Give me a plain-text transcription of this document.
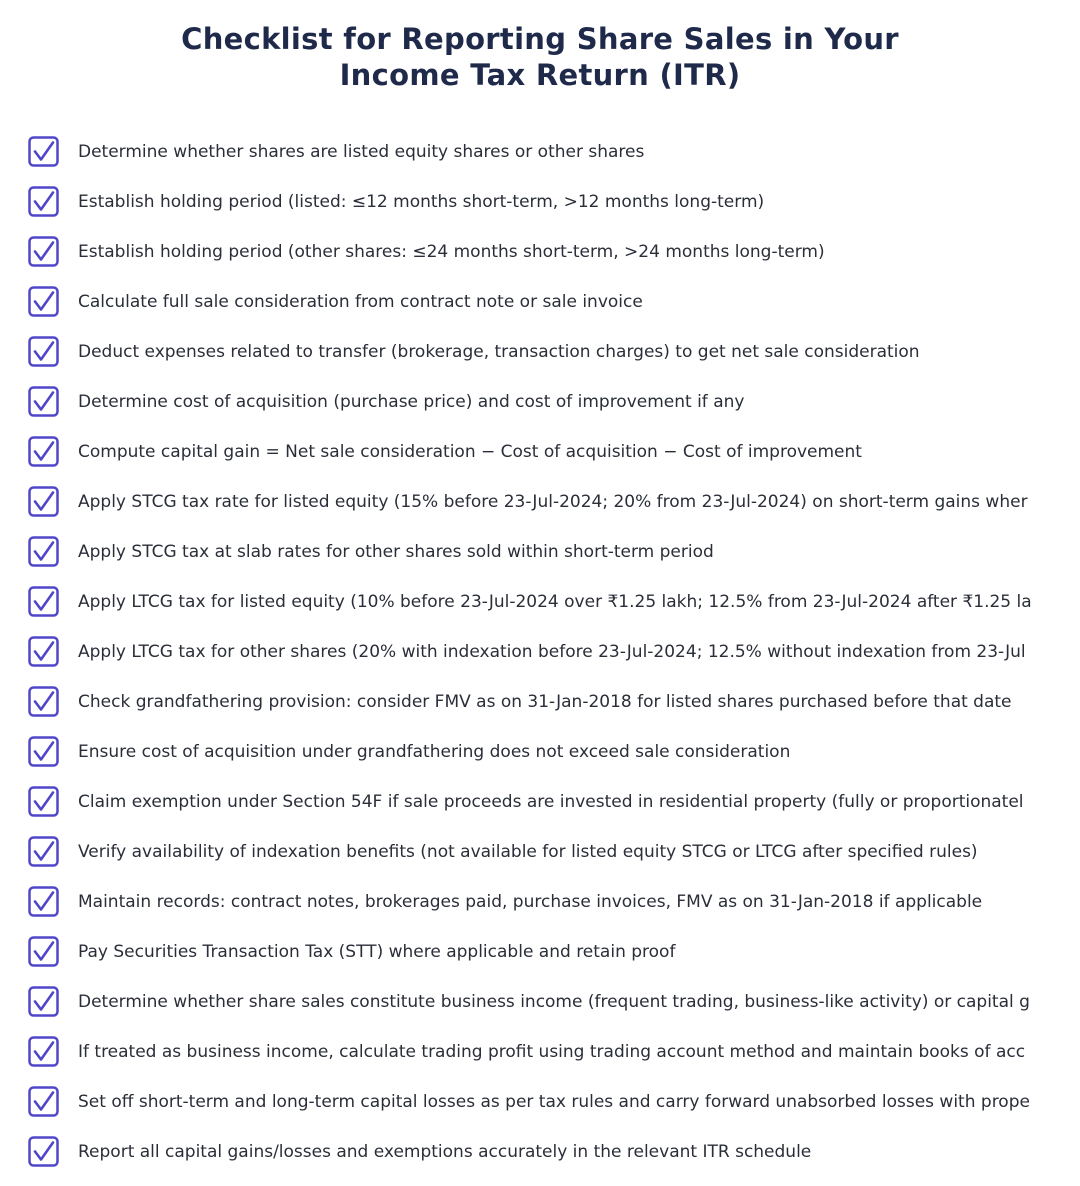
Checklist for Reporting Share Sales in Your
Income Tax Return (ITR)
Determine whether shares are listed equity shares or other shares
Establish holding period (listed: ≤12 months short-term, >12 months long-term)
Establish holding period (other shares: ≤24 months short-term, >24 months long-term)
Calculate full sale consideration from contract note or sale invoice
Deduct expenses related to transfer (brokerage, transaction charges) to get net sale consideration
Determine cost of acquisition (purchase price) and cost of improvement if any
Compute capital gain = Net sale consideration − Cost of acquisition − Cost of improvement
Apply STCG tax rate for listed equity (15% before 23-Jul-2024; 20% from 23-Jul-2024) on short-term gains wher
Apply STCG tax at slab rates for other shares sold within short-term period
Apply LTCG tax for listed equity (10% before 23-Jul-2024 over ₹1.25 lakh; 12.5% from 23-Jul-2024 after ₹1.25 la
Apply LTCG tax for other shares (20% with indexation before 23-Jul-2024; 12.5% without indexation from 23-Jul
Check grandfathering provision: consider FMV as on 31-Jan-2018 for listed shares purchased before that date
Ensure cost of acquisition under grandfathering does not exceed sale consideration
Claim exemption under Section 54F if sale proceeds are invested in residential property (fully or proportionatel
Verify availability of indexation benefits (not available for listed equity STCG or LTCG after specified rules)
Maintain records: contract notes, brokerages paid, purchase invoices, FMV as on 31-Jan-2018 if applicable
Pay Securities Transaction Tax (STT) where applicable and retain proof
Determine whether share sales constitute business income (frequent trading, business-like activity) or capital g
If treated as business income, calculate trading profit using trading account method and maintain books of acc
Set off short-term and long-term capital losses as per tax rules and carry forward unabsorbed losses with prope
Report all capital gains/losses and exemptions accurately in the relevant ITR schedule
